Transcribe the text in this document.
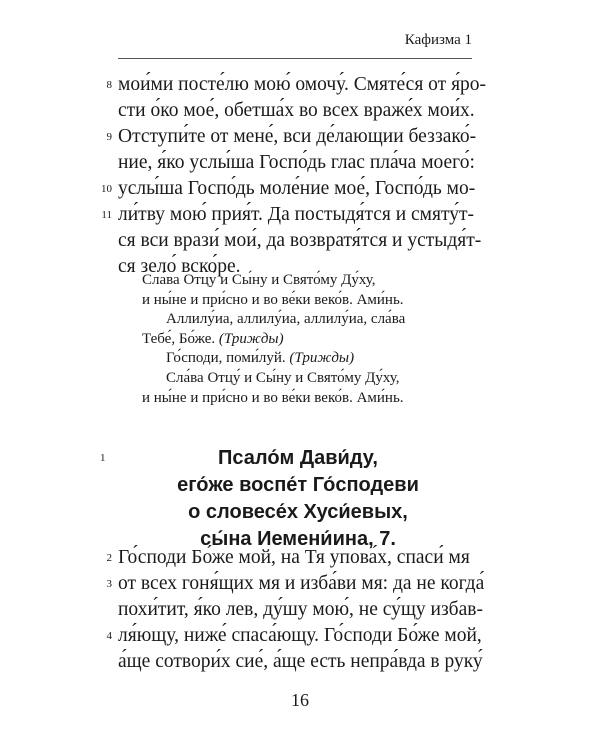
Кафизма 1
8 мои́ми посте́лю мою́ омочу́. Смяте́ся от я́ро-
сти о́ко мое́, обетша́х во всех враже́х мои́х.
9 Отступи́те от мене́, вси де́лающии беззако́-
ние, я́ко услы́ша Госпо́дь глас пла́ча моего́:
10 услы́ша Госпо́дь моле́ние мое́, Госпо́дь мо-
11 ли́тву мою́ прия́т. Да постыдя́тся и смяту́т-
ся вси врази́ мои́, да возвратя́тся и устыдя́т-
ся зело́ вско́ре.
Сла́ва Отцу́ и Сы́ну и Свято́му Ду́ху,
и ны́не и при́сно и во ве́ки веко́в. Ами́нь.
Аллилу́иа, аллилу́иа, аллилу́иа, сла́ва
Тебе́, Бо́же. (Трижды)
Го́споди, поми́луй. (Трижды)
Сла́ва Отцу́ и Сы́ну и Свято́му Ду́ху,
и ны́не и при́сно и во ве́ки веко́в. Ами́нь.
1	Псало́м Дави́ду,
его́же воспе́т Го́сподеви
о словесе́х Хуси́евых,
сы́на Иемени́ина, 7.
2 Го́споди Бо́же мой, на Тя упова́х, спаси́ мя
3 от всех гоня́щих мя и изба́ви мя: да не когда́
похи́тит, я́ко лев, ду́шу мою́, не су́щу избав-
4 ля́ющу, ниже́ спаса́ющу. Го́споди Бо́же мой,
а́ще сотвори́х сие́, а́ще есть непра́вда в руку́
16
